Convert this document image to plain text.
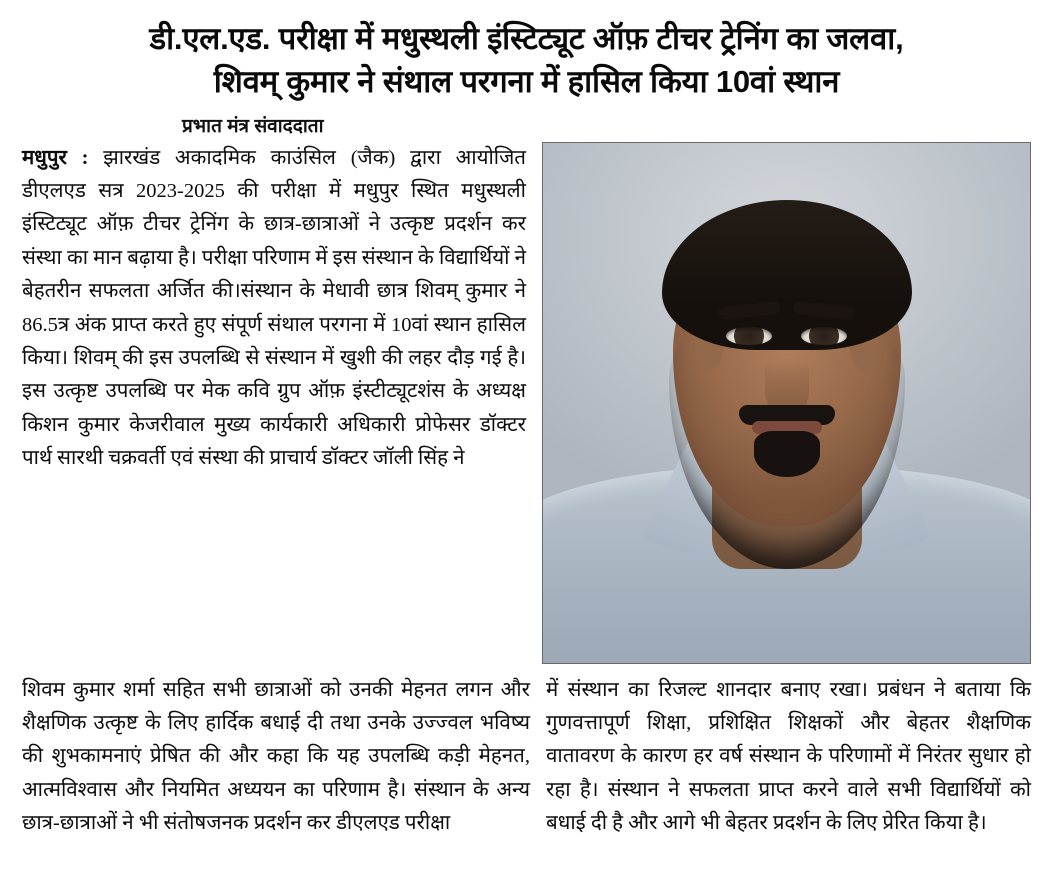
डी.एल.एड. परीक्षा में मधुस्थली इंस्टिट्यूट ऑफ़ टीचर ट्रेनिंग का जलवा,
शिवम् कुमार ने संथाल परगना में हासिल किया 10वां स्थान
प्रभात मंत्र संवाददाता

मधुपुर : झारखंड अकादमिक काउंसिल (जैक) द्वारा आयोजित डीएलएड सत्र 2023-2025 की परीक्षा में मधुपुर स्थित मधुस्थली इंस्टिट्यूट ऑफ़ टीचर ट्रेनिंग के छात्र-छात्राओं ने उत्कृष्ट प्रदर्शन कर संस्था का मान बढ़ाया है। परीक्षा परिणाम में इस संस्थान के विद्यार्थियों ने बेहतरीन सफलता अर्जित की।संस्थान के मेधावी छात्र शिवम् कुमार ने 86.5त्र अंक प्राप्त करते हुए संपूर्ण संथाल परगना में 10वां स्थान हासिल किया। शिवम् की इस उपलब्धि से संस्थान में खुशी की लहर दौड़ गई है। इस उत्कृष्ट उपलब्धि पर मेक कवि ग्रुप ऑफ़ इंस्टीट्यूटशंस के अध्यक्ष किशन कुमार केजरीवाल मुख्य कार्यकारी अधिकारी प्रोफेसर डॉक्टर पार्थ सारथी चक्रवर्ती एवं संस्था की प्राचार्य डॉक्टर जॉली सिंह ने

शिवम कुमार शर्मा सहित सभी छात्राओं को उनकी मेहनत लगन और शैक्षणिक उत्कृष्ट के लिए हार्दिक बधाई दी तथा उनके उज्ज्वल भविष्य की शुभकामनाएं प्रेषित की और कहा कि यह उपलब्धि कड़ी मेहनत, आत्मविश्वास और नियमित अध्ययन का परिणाम है। संस्थान के अन्य छात्र-छात्राओं ने भी संतोषजनक प्रदर्शन कर डीएलएड परीक्षा

में संस्थान का रिजल्ट शानदार बनाए रखा। प्रबंधन ने बताया कि गुणवत्तापूर्ण शिक्षा, प्रशिक्षित शिक्षकों और बेहतर शैक्षणिक वातावरण के कारण हर वर्ष संस्थान के परिणामों में निरंतर सुधार हो रहा है। संस्थान ने सफलता प्राप्त करने वाले सभी विद्यार्थियों को बधाई दी है और आगे भी बेहतर प्रदर्शन के लिए प्रेरित किया है।
